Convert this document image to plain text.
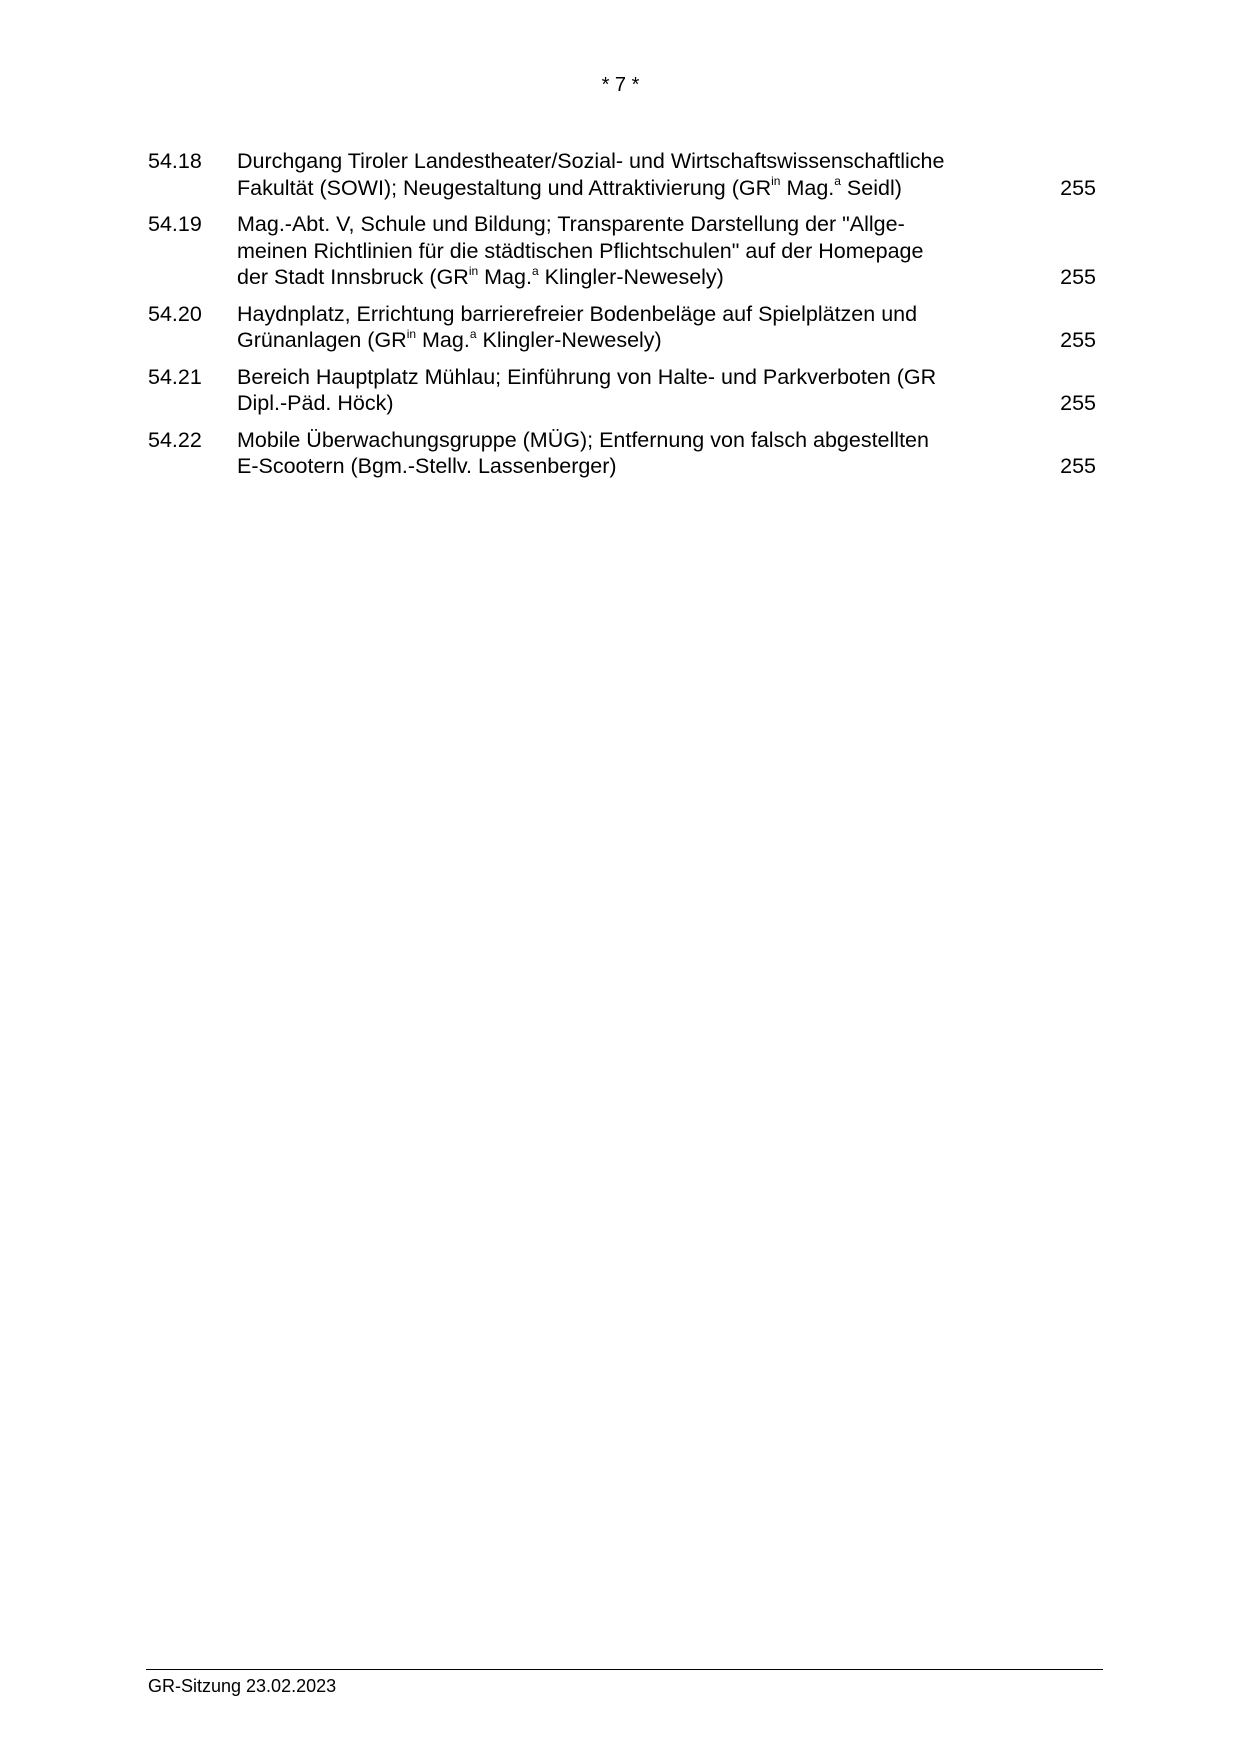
* 7 *
54.18	Durchgang Tiroler Landestheater/Sozial- und Wirtschaftswissenschaftliche
Fakultät (SOWI); Neugestaltung und Attraktivierung ($GR^{in}$ Mag.$^a$ Seidl)	255
54.19	Mag.-Abt. V, Schule und Bildung; Transparente Darstellung der "Allge-
meinen Richtlinien für die städtischen Pflichtschulen" auf der Homepage
der Stadt Innsbruck ($GR^{in}$ Mag.$^a$ Klingler-Newesely)	255
54.20	Haydnplatz, Errichtung barrierefreier Bodenbeläge auf Spielplätzen und
Grünanlagen ($GR^{in}$ Mag.$^a$ Klingler-Newesely)	255
54.21	Bereich Hauptplatz Mühlau; Einführung von Halte- und Parkverboten (GR
Dipl.-Päd. Höck)	255
54.22	Mobile Überwachungsgruppe (MÜG); Entfernung von falsch abgestellten
E-Scootern (Bgm.-Stellv. Lassenberger)	255
GR-Sitzung 23.02.2023
